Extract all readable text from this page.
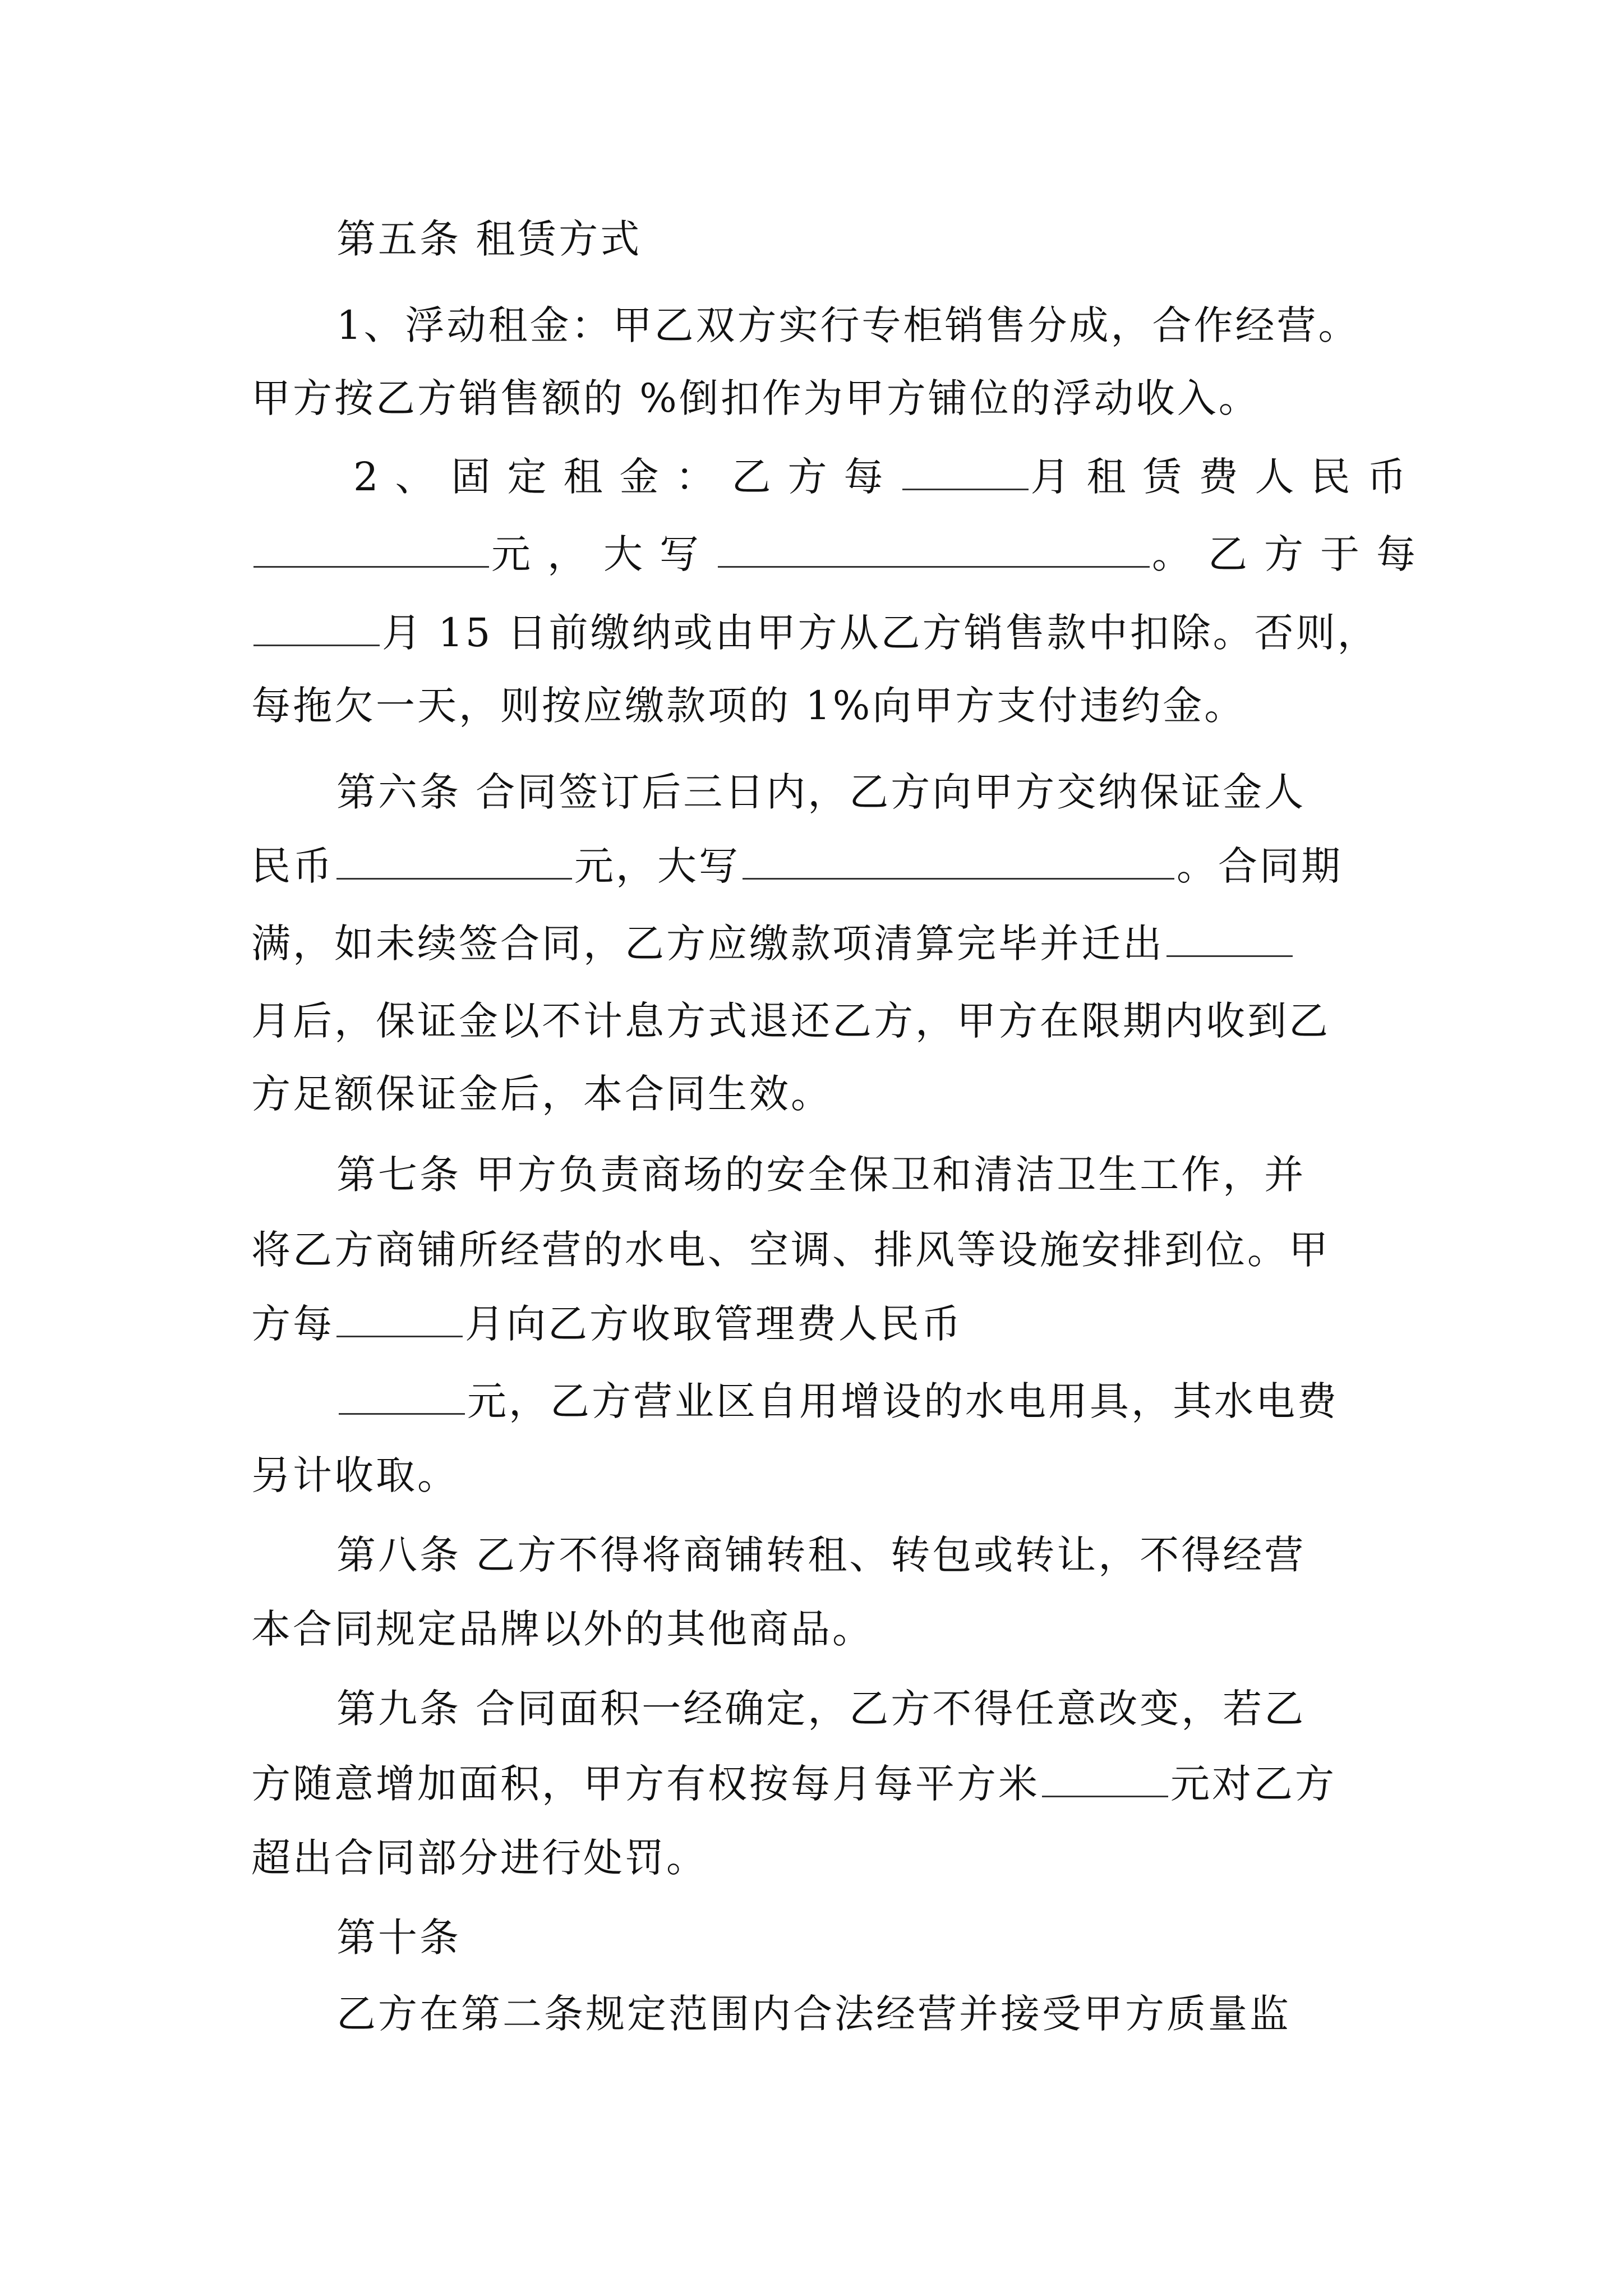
第五条 租赁方式
1、浮动租金：甲乙双方实行专柜销售分成，合作经营。
甲方按乙方销售额的 %倒扣作为甲方铺位的浮动收入。
2、固定租金：乙方每	月租赁费人民币
元，大写	。乙方于每
月 15 日前缴纳或由甲方从乙方销售款中扣除。否则，
每拖欠一天，则按应缴款项的 1%向甲方支付违约金。
第六条 合同签订后三日内，乙方向甲方交纳保证金人
民币	元，大写	。合同期
满，如未续签合同，乙方应缴款项清算完毕并迁出
月后，保证金以不计息方式退还乙方，甲方在限期内收到乙
方足额保证金后，本合同生效。
第七条 甲方负责商场的安全保卫和清洁卫生工作，并
将乙方商铺所经营的水电、空调、排风等设施安排到位。甲
方每	月向乙方收取管理费人民币
元，乙方营业区自用增设的水电用具，其水电费
另计收取。
第八条 乙方不得将商铺转租、转包或转让，不得经营
本合同规定品牌以外的其他商品。
第九条 合同面积一经确定，乙方不得任意改变，若乙
方随意增加面积，甲方有权按每月每平方米	元对乙方
超出合同部分进行处罚。
第十条
乙方在第二条规定范围内合法经营并接受甲方质量监
